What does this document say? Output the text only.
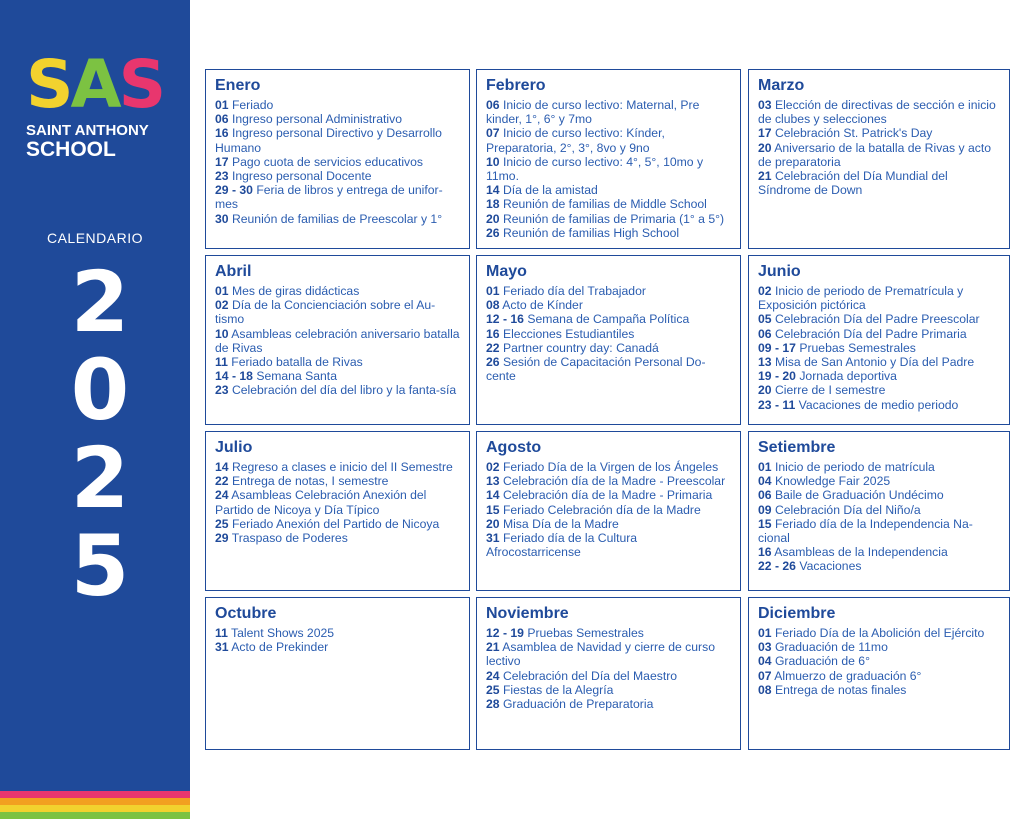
SAS
SAINT ANTHONY
SCHOOL
CALENDARIO
2
0
2
5
Enero
01 Feriado
06 Ingreso personal Administrativo
16 Ingreso personal Directivo y Desarrollo Humano
17 Pago cuota de servicios educativos
23 Ingreso personal Docente
29 - 30 Feria de libros y entrega de unifor-mes
30 Reunión de familias de Preescolar y 1°
Febrero
06 Inicio de curso lectivo: Maternal, Pre kinder, 1°, 6° y 7mo
07 Inicio de curso lectivo: Kínder, Preparatoria, 2°, 3°, 8vo y 9no
10 Inicio de curso lectivo: 4°, 5°, 10mo y 11mo.
14 Día de la amistad
18 Reunión de familias de Middle School
20 Reunión de familias de Primaria (1° a 5°)
26 Reunión de familias High School
Marzo
03 Elección de directivas de sección e inicio de clubes y selecciones
17 Celebración St. Patrick's Day
20 Aniversario de la batalla de Rivas y acto de preparatoria
21 Celebración del Día Mundial del Síndrome de Down
Abril
01 Mes de giras didácticas
02 Día de la Concienciación sobre el Au-tismo
10 Asambleas celebración aniversario batalla de Rivas
11 Feriado batalla de Rivas
14 - 18 Semana Santa
23 Celebración del día del libro y la fanta-sía
Mayo
01 Feriado día del Trabajador
08 Acto de Kínder
12 - 16 Semana de Campaña Política
16 Elecciones Estudiantiles
22 Partner country day: Canadá
26 Sesión de Capacitación Personal Do-cente
Junio
02 Inicio de periodo de Prematrícula y Exposición pictórica
05 Celebración Día del Padre Preescolar
06 Celebración Día del Padre Primaria
09 - 17 Pruebas Semestrales
13 Misa de San Antonio y Día del Padre
19 - 20 Jornada deportiva
20 Cierre de I semestre
23 - 11 Vacaciones de medio periodo
Julio
14 Regreso a clases e inicio del II Semestre
22 Entrega de notas, I semestre
24 Asambleas Celebración Anexión del Partido de Nicoya y Día Típico
25 Feriado Anexión del Partido de Nicoya
29 Traspaso de Poderes
Agosto
02 Feriado Día de la Virgen de los Ángeles
13 Celebración día de la Madre - Preescolar
14 Celebración día de la Madre - Primaria
15 Feriado Celebración día de la Madre
20 Misa Día de la Madre
31 Feriado día de la Cultura Afrocostarricense
Setiembre
01 Inicio de periodo de matrícula
04 Knowledge Fair 2025
06 Baile de Graduación Undécimo
09 Celebración Día del Niño/a
15 Feriado día de la Independencia Na-cional
16 Asambleas de la Independencia
22 - 26 Vacaciones
Octubre
11 Talent Shows 2025
31 Acto de Prekinder
Noviembre
12 - 19 Pruebas Semestrales
21 Asamblea de Navidad y cierre de curso lectivo
24 Celebración del Día del Maestro
25 Fiestas de la Alegría
28 Graduación de Preparatoria
Diciembre
01 Feriado Día de la Abolición del Ejército
03 Graduación de 11mo
04 Graduación de 6°
07 Almuerzo de graduación 6°
08 Entrega de notas finales
